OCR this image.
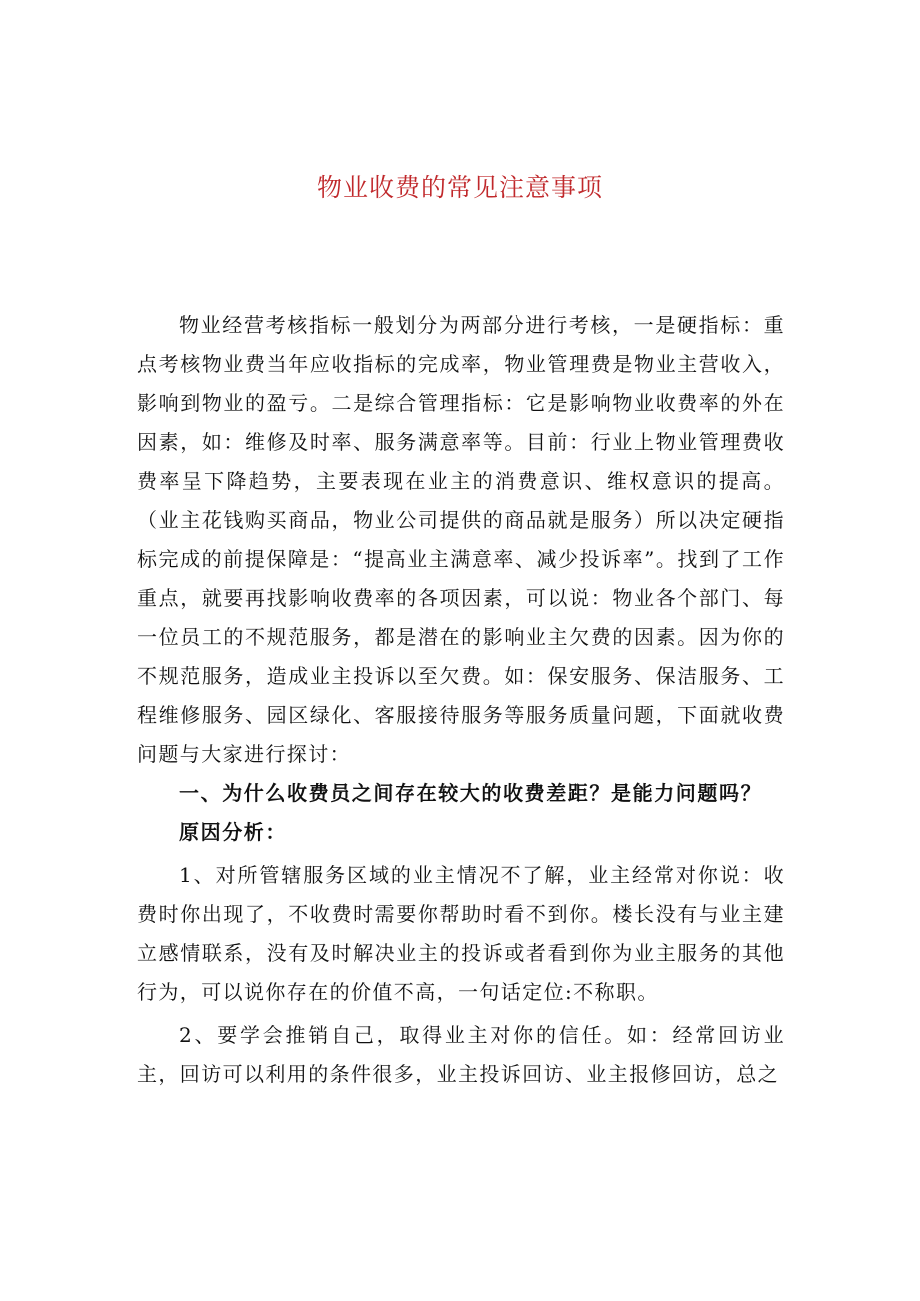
物业收费的常见注意事项

物业经营考核指标一般划分为两部分进行考核，一是硬指标：重点考核物业费当年应收指标的完成率，物业管理费是物业主营收入，影响到物业的盈亏。二是综合管理指标：它是影响物业收费率的外在因素，如：维修及时率、服务满意率等。目前：行业上物业管理费收费率呈下降趋势，主要表现在业主的消费意识、维权意识的提高。（业主花钱购买商品，物业公司提供的商品就是服务）所以决定硬指标完成的前提保障是：“提高业主满意率、减少投诉率”。找到了工作重点，就要再找影响收费率的各项因素，可以说：物业各个部门、每一位员工的不规范服务，都是潜在的影响业主欠费的因素。因为你的不规范服务，造成业主投诉以至欠费。如：保安服务、保洁服务、工程维修服务、园区绿化、客服接待服务等服务质量问题，下面就收费问题与大家进行探讨：

一、为什么收费员之间存在较大的收费差距？是能力问题吗？

原因分析：

1、对所管辖服务区域的业主情况不了解，业主经常对你说：收费时你出现了，不收费时需要你帮助时看不到你。楼长没有与业主建立感情联系，没有及时解决业主的投诉或者看到你为业主服务的其他行为，可以说你存在的价值不高，一句话定位:不称职。

2、要学会推销自己，取得业主对你的信任。如：经常回访业主，回访可以利用的条件很多，业主投诉回访、业主报修回访，总之
